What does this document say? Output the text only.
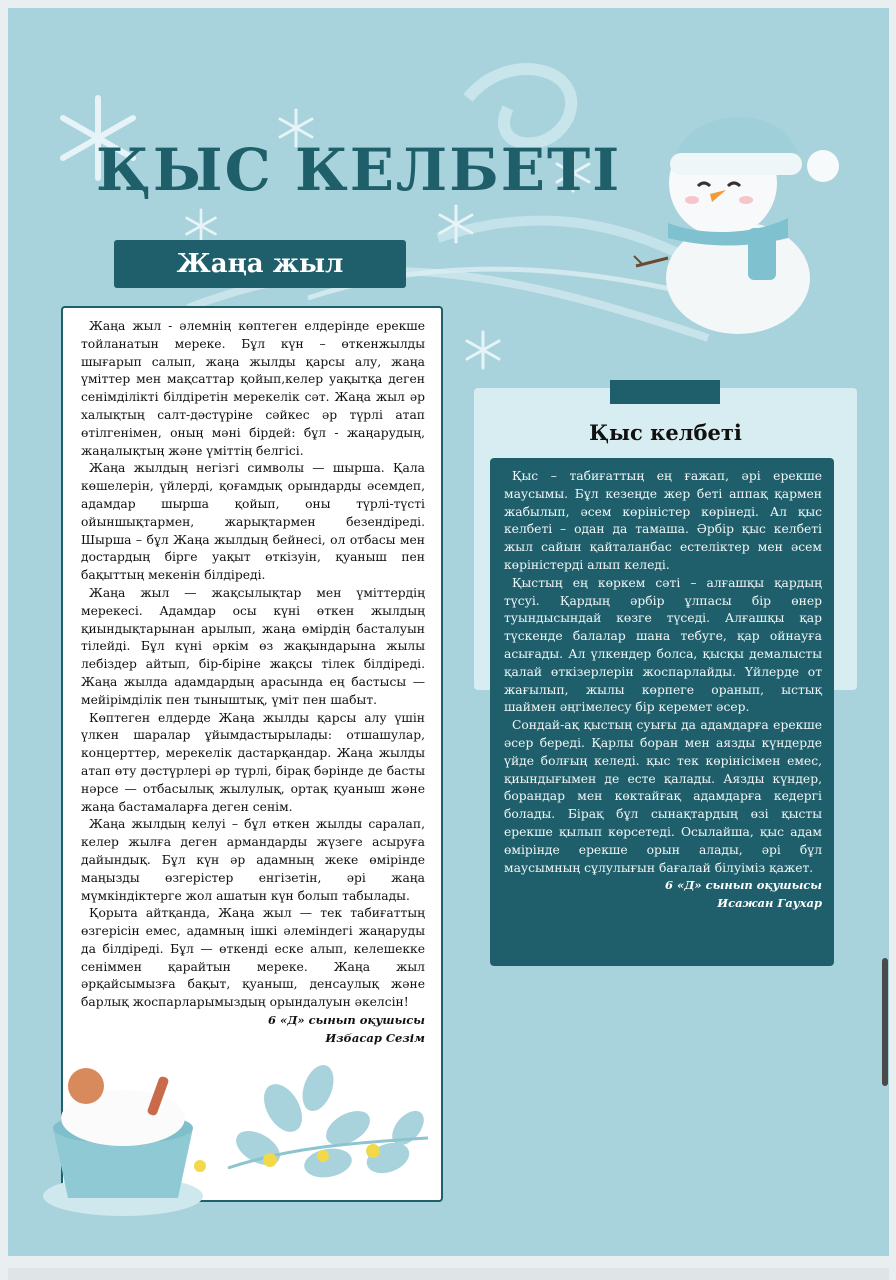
ҚЫС КЕЛБЕТІ
Жаңа жыл

Жаңа жыл - әлемнің көптеген елдерінде ерекше тойланатын мереке. Бұл күн – өткенжылды шығарып салып, жаңа жылды қарсы алу, жаңа үміттер мен мақсаттар қойып,келер уақытқа деген сенімділікті білдіретін мерекелік сәт. Жаңа жыл әр халықтың салт-дәстүріне сәйкес әр түрлі атап өтілгенімен, оның мәні бірдей: бұл - жаңарудың, жаңалықтың және үміттің белгісі.

Жаңа жылдың негізгі символы — шырша. Қала көшелерін, үйлерді, қоғамдық орындарды әсемдеп, адамдар шырша қойып, оны түрлі-түсті ойыншықтармен, жарықтармен безендіреді. Шырша – бұл Жаңа жылдың бейнесі, ол отбасы мен достардың бірге уақыт өткізуін, қуаныш пен бақыттың мекенін білдіреді.

Жаңа жыл — жақсылықтар мен үміттердің мерекесі. Адамдар осы күні өткен жылдың қиындықтарынан арылып, жаңа өмірдің басталуын тілейді. Бұл күні әркім өз жақындарына жылы лебіздер айтып, бір-біріне жақсы тілек білдіреді. Жаңа жылда адамдардың арасында ең бастысы — мейірімділік пен тыныштық, үміт пен шабыт.

Көптеген елдерде Жаңа жылды қарсы алу үшін үлкен шаралар ұйымдастырылады: отшашулар, концерттер, мерекелік дастарқандар. Жаңа жылды атап өту дәстүрлері әр түрлі, бірақ бәрінде де басты нәрсе — отбасылық жылулық, ортақ қуаныш және жаңа бастамаларға деген сенім.

Жаңа жылдың келуі – бұл өткен жылды саралап, келер жылға деген армандарды жүзеге асыруға дайындық. Бұл күн әр адамның жеке өмірінде маңызды өзгерістер енгізетін, әрі жаңа мүмкіндіктерге жол ашатын күн болып табылады.

Қорыта айтқанда, Жаңа жыл — тек табиғаттың өзгерісін емес, адамның ішкі әлеміндегі жаңаруды да білдіреді. Бұл — өткенді еске алып, келешекке сеніммен қарайтын мереке. Жаңа жыл әрқайсымызға бақыт, қуаныш, денсаулық және барлық жоспарларымыздың орындалуын әкелсін!

6 «Д» сынып оқушысы
Избасар Сезім
Қыс келбеті

Қыс – табиғаттың ең ғажап, әрі ерекше маусымы. Бұл кезеңде жер беті аппақ қармен жабылып, әсем көріністер көрінеді. Ал қыс келбеті – одан да тамаша. Әрбір қыс келбеті жыл сайын қайталанбас естеліктер мен әсем көріністерді алып келеді.

Қыстың ең көркем сәті – алғашқы қардың түсуі. Қардың әрбір ұлпасы бір өнер туындысындай көзге түседі. Алғашқы қар түскенде балалар шана тебуге, қар ойнауға асығады. Ал үлкендер болса, қысқы демалысты қалай өткізерлерін жоспарлайды. Үйлерде от жағылып, жылы көрпеге оранып, ыстық шаймен әңгімелесу бір керемет әсер.

Сондай-ақ қыстың суығы да адамдарға ерекше әсер береді. Қарлы боран мен аязды күндерде үйде болғың келеді. қыс тек көрінісімен емес, қиындығымен де есте қалады. Аязды күндер, борандар мен көктайғақ адамдарға кедергі болады. Бірақ бұл сынақтардың өзі қысты ерекше қылып көрсетеді. Осылайша, қыс адам өмірінде ерекше орын алады, әрі бұл маусымның сұлулығын бағалай білуіміз қажет.

6 «Д» сынып оқушысы
Исажан Гаухар
